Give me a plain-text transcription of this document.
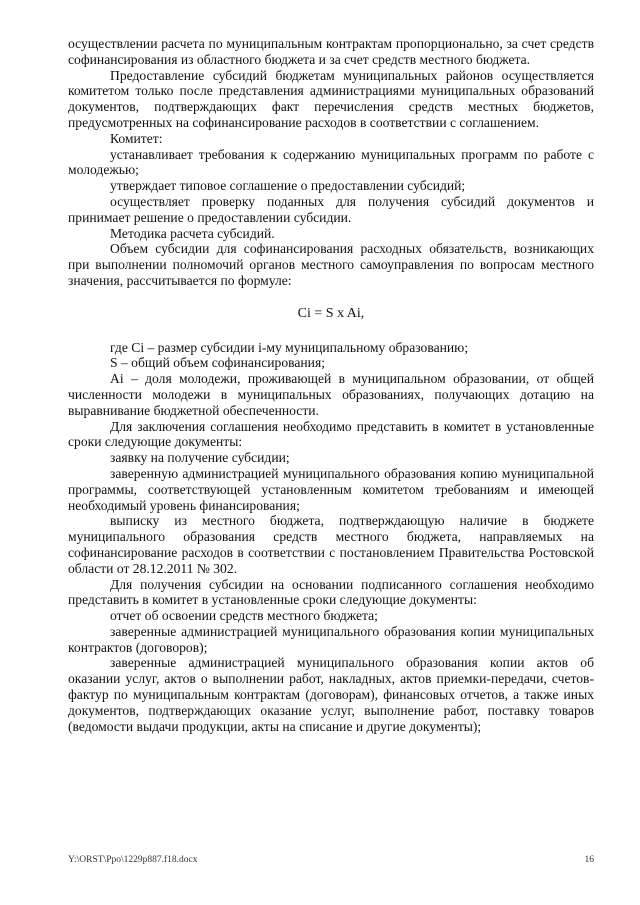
осуществлении расчета по муниципальным контрактам пропорционально, за счет средств софинансирования из областного бюджета и за счет средств местного бюджета.

Предоставление субсидий бюджетам муниципальных районов осуществляется комитетом только после представления администрациями муниципальных образований документов, подтверждающих факт перечисления средств местных бюджетов, предусмотренных на софинансирование расходов в соответствии с соглашением.

Комитет:

устанавливает требования к содержанию муниципальных программ по работе с молодежью;

утверждает типовое соглашение о предоставлении субсидий;

осуществляет проверку поданных для получения субсидий документов и принимает решение о предоставлении субсидии.

Методика расчета субсидий.

Объем субсидии для софинансирования расходных обязательств, возникающих при выполнении полномочий органов местного самоуправления по вопросам местного значения, рассчитывается по формуле:

Ci = S x Ai,

где Ci – размер субсидии i-му муниципальному образованию;

S – общий объем софинансирования;

Ai – доля молодежи, проживающей в муниципальном образовании, от общей численности молодежи в муниципальных образованиях, получающих дотацию на выравнивание бюджетной обеспеченности.

Для заключения соглашения необходимо представить в комитет в установленные сроки следующие документы:

заявку на получение субсидии;

заверенную администрацией муниципального образования копию муниципальной программы, соответствующей установленным комитетом требованиям и имеющей необходимый уровень финансирования;

выписку из местного бюджета, подтверждающую наличие в бюджете муниципального образования средств местного бюджета, направляемых на софинансирование расходов в соответствии с постановлением Правительства Ростовской области от 28.12.2011 № 302.

Для получения субсидии на основании подписанного соглашения необходимо представить в комитет в установленные сроки следующие документы:

отчет об освоении средств местного бюджета;

заверенные администрацией муниципального образования копии муниципальных контрактов (договоров);

заверенные администрацией муниципального образования копии актов об оказании услуг, актов о выполнении работ, накладных, актов приемки-передачи, счетов-фактур по муниципальным контрактам (договорам), финансовых отчетов, а также иных документов, подтверждающих оказание услуг, выполнение работ, поставку товаров (ведомости выдачи продукции, акты на списание и другие документы);

Y:\ORST\Ppo\1229p887.f18.docx	16
